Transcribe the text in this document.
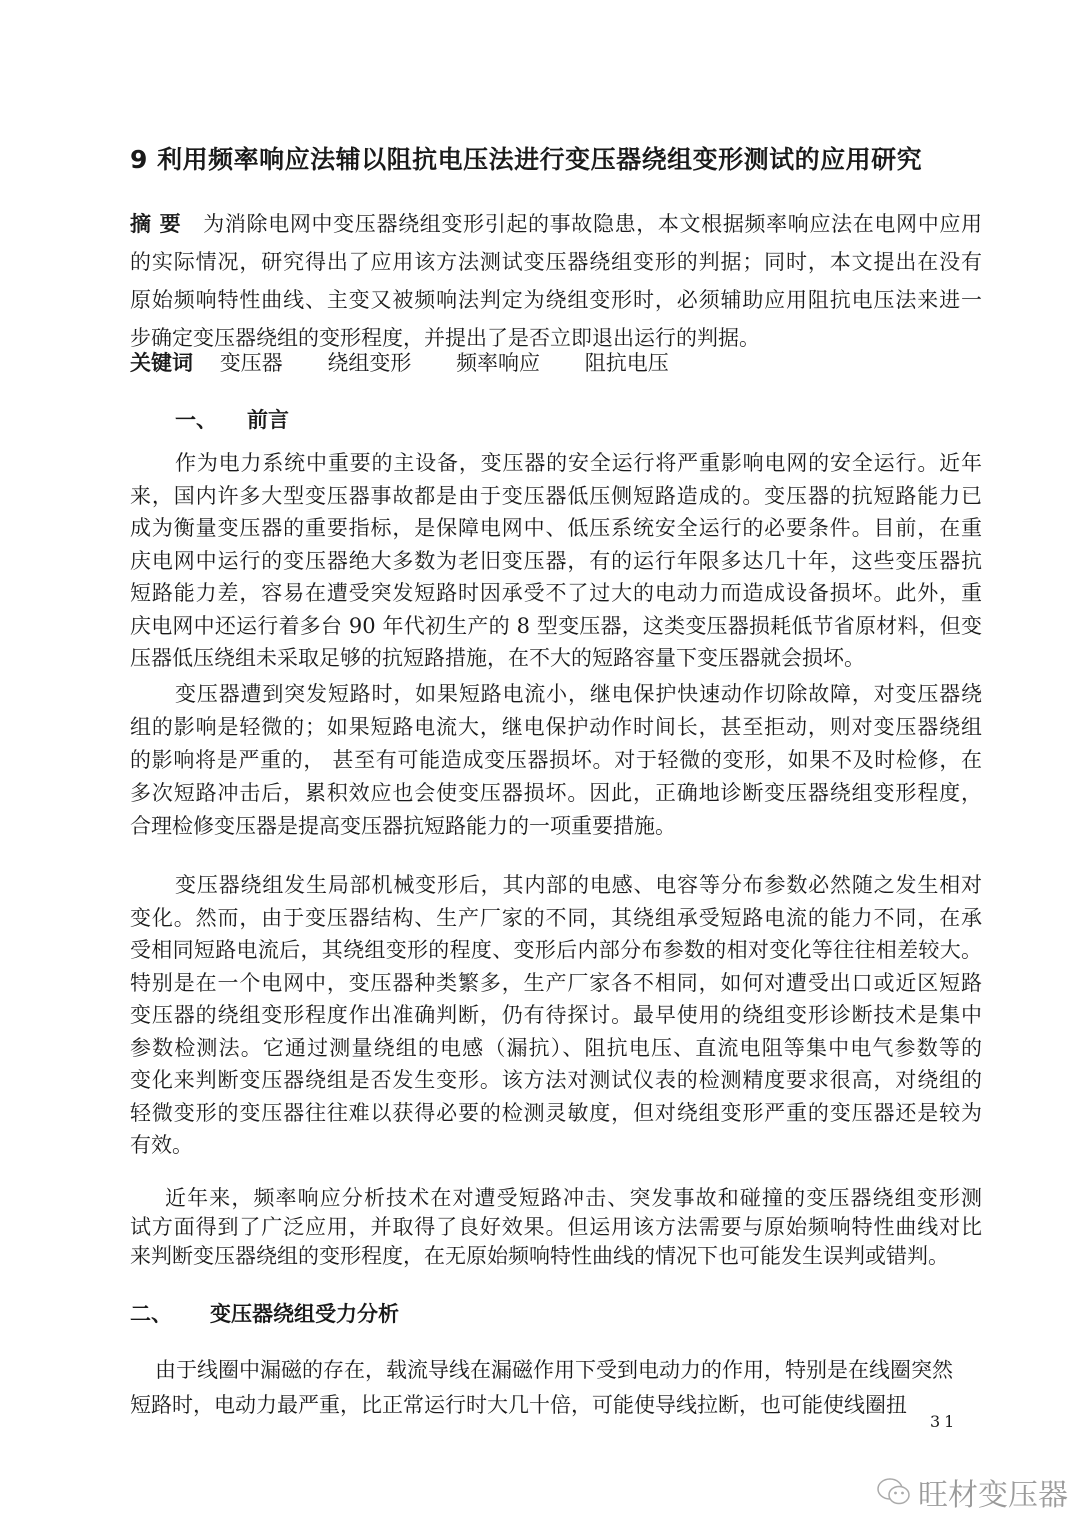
9 利用频率响应法辅以阻抗电压法进行变压器绕组变形测试的应用研究
摘 要 为消除电网中变压器绕组变形引起的事故隐患，本文根据频率响应法在电网中应用
的实际情况，研究得出了应用该方法测试变压器绕组变形的判据；同时，本文提出在没有
原始频响特性曲线、主变又被频响法判定为绕组变形时，必须辅助应用阻抗电压法来进一
步确定变压器绕组的变形程度，并提出了是否立即退出运行的判据。
关键词 变压器 绕组变形 频率响应 阻抗电压
一、 前言
作为电力系统中重要的主设备，变压器的安全运行将严重影响电网的安全运行。近年
来，国内许多大型变压器事故都是由于变压器低压侧短路造成的。变压器的抗短路能力已
成为衡量变压器的重要指标，是保障电网中、低压系统安全运行的必要条件。目前，在重
庆电网中运行的变压器绝大多数为老旧变压器，有的运行年限多达几十年，这些变压器抗
短路能力差，容易在遭受突发短路时因承受不了过大的电动力而造成设备损坏。此外，重
庆电网中还运行着多台 90 年代初生产的 8 型变压器，这类变压器损耗低节省原材料，但变
压器低压绕组未采取足够的抗短路措施，在不大的短路容量下变压器就会损坏。
变压器遭到突发短路时，如果短路电流小，继电保护快速动作切除故障，对变压器绕
组的影响是轻微的；如果短路电流大，继电保护动作时间长，甚至拒动，则对变压器绕组
的影响将是严重的， 甚至有可能造成变压器损坏。对于轻微的变形，如果不及时检修，在
多次短路冲击后，累积效应也会使变压器损坏。因此，正确地诊断变压器绕组变形程度，
合理检修变压器是提高变压器抗短路能力的一项重要措施。
变压器绕组发生局部机械变形后，其内部的电感、电容等分布参数必然随之发生相对
变化。然而，由于变压器结构、生产厂家的不同，其绕组承受短路电流的能力不同，在承
受相同短路电流后，其绕组变形的程度、变形后内部分布参数的相对变化等往往相差较大。
特别是在一个电网中，变压器种类繁多，生产厂家各不相同，如何对遭受出口或近区短路
变压器的绕组变形程度作出准确判断，仍有待探讨。最早使用的绕组变形诊断技术是集中
参数检测法。它通过测量绕组的电感（漏抗）、阻抗电压、直流电阻等集中电气参数等的
变化来判断变压器绕组是否发生变形。该方法对测试仪表的检测精度要求很高，对绕组的
轻微变形的变压器往往难以获得必要的检测灵敏度，但对绕组变形严重的变压器还是较为
有效。
近年来，频率响应分析技术在对遭受短路冲击、突发事故和碰撞的变压器绕组变形测
试方面得到了广泛应用，并取得了良好效果。但运用该方法需要与原始频响特性曲线对比
来判断变压器绕组的变形程度，在无原始频响特性曲线的情况下也可能发生误判或错判。
由于线圈中漏磁的存在，载流导线在漏磁作用下受到电动力的作用，特别是在线圈突然
短路时，电动力最严重，比正常运行时大几十倍，可能使导线拉断，也可能使线圈扭
二、 变压器绕组受力分析
31
旺材变压器
